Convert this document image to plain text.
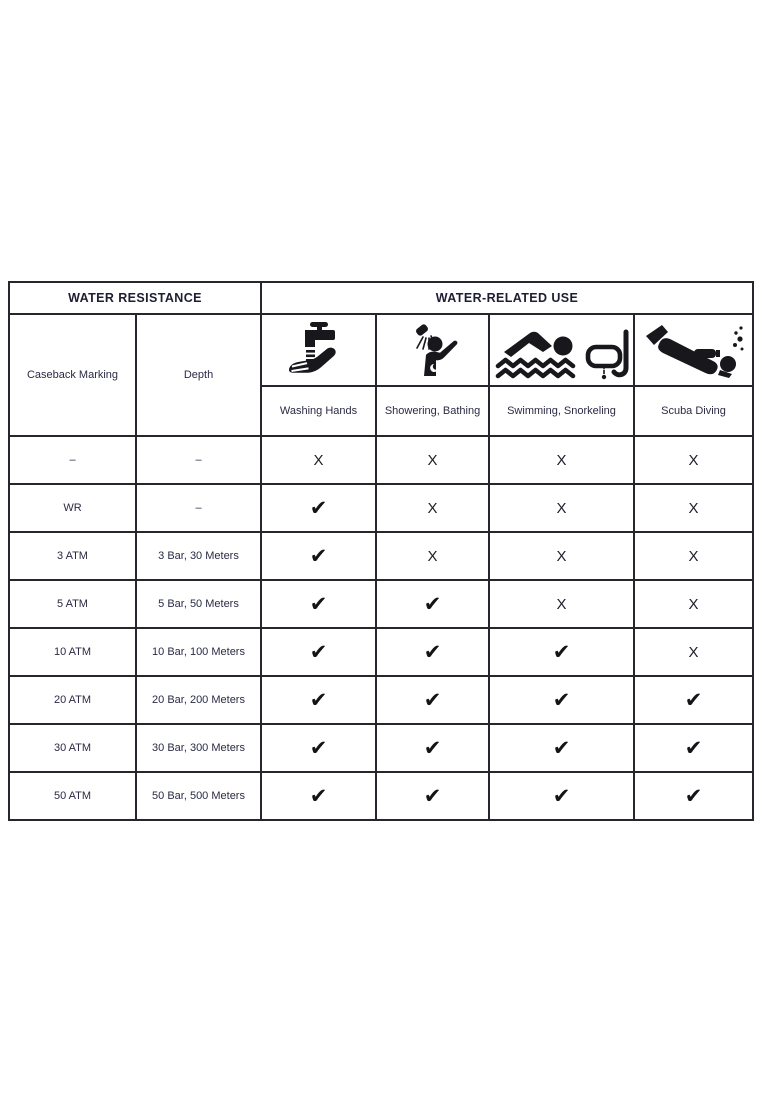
WATER RESISTANCE		WATER-RELATED USE			
Caseback Marking	Depth	

		Washing Hands	Showering, Bathing	Swimming, Snorkeling	Scuba Diving
–	–	X	X	X	X
WR	–	✔	X	X	X
3 ATM	3 Bar, 30 Meters	✔	X	X	X
5 ATM	5 Bar, 50 Meters	✔	✔	X	X
10 ATM	10 Bar, 100 Meters	✔	✔	✔	X
20 ATM	20 Bar, 200 Meters	✔	✔	✔	✔
30 ATM	30 Bar, 300 Meters	✔	✔	✔	✔
50 ATM	50 Bar, 500 Meters	✔	✔	✔	✔
